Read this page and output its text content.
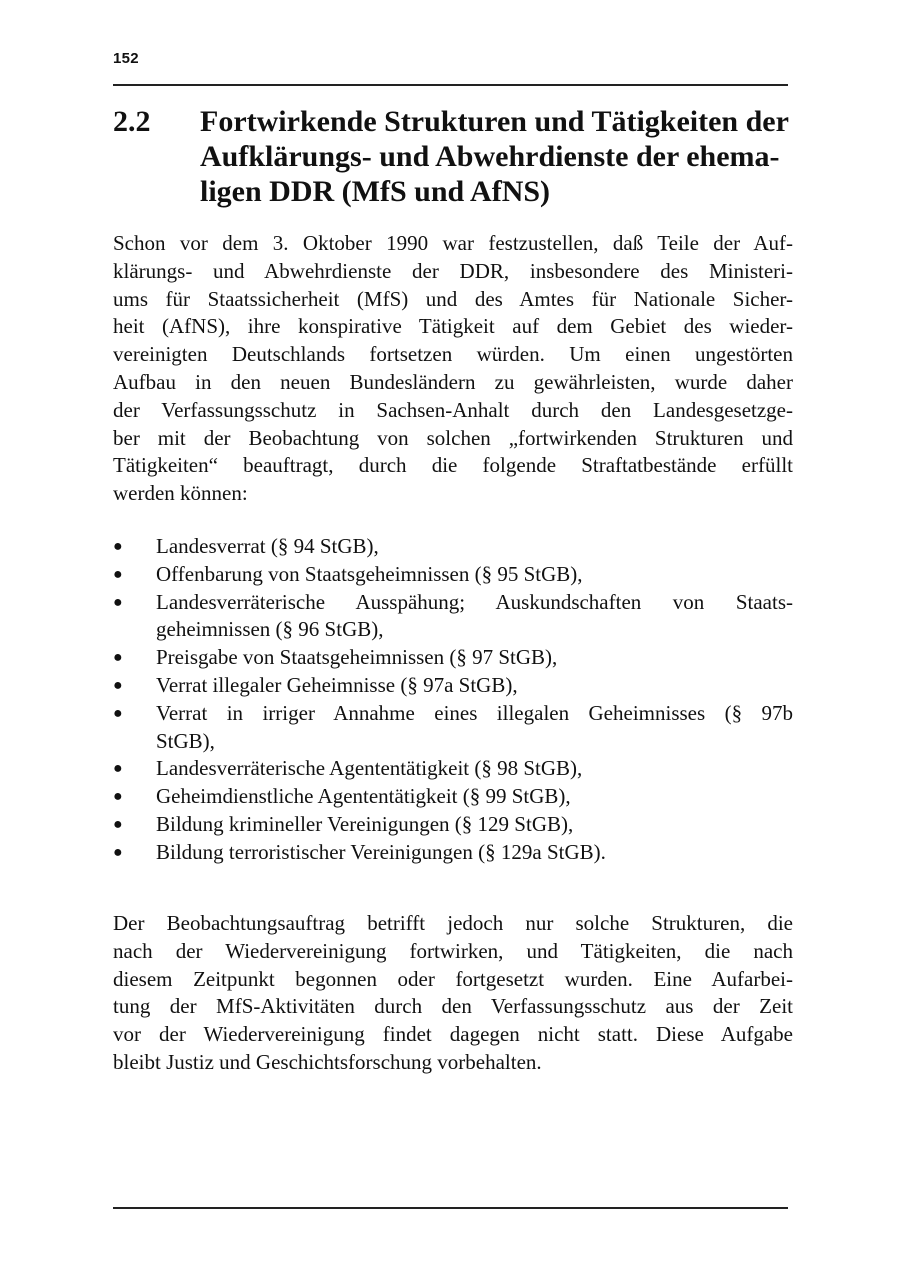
152
2.2 Fortwirkende Strukturen und Tätigkeiten der
Aufklärungs- und Abwehrdienste der ehema-
ligen DDR (MfS und AfNS)
Schon vor dem 3. Oktober 1990 war festzustellen, daß Teile der Auf-
klärungs- und Abwehrdienste der DDR, insbesondere des Ministeri-
ums für Staatssicherheit (MfS) und des Amtes für Nationale Sicher-
heit (AfNS), ihre konspirative Tätigkeit auf dem Gebiet des wieder-
vereinigten Deutschlands fortsetzen würden. Um einen ungestörten
Aufbau in den neuen Bundesländern zu gewährleisten, wurde daher
der Verfassungsschutz in Sachsen-Anhalt durch den Landesgesetzge-
ber mit der Beobachtung von solchen „fortwirkenden Strukturen und
Tätigkeiten“ beauftragt, durch die folgende Straftatbestände erfüllt
werden können:
● Landesverrat (§ 94 StGB),
● Offenbarung von Staatsgeheimnissen (§ 95 StGB),
● Landesverräterische Ausspähung; Auskundschaften von Staats-
geheimnissen (§ 96 StGB),
● Preisgabe von Staatsgeheimnissen (§ 97 StGB),
● Verrat illegaler Geheimnisse (§ 97a StGB),
● Verrat in irriger Annahme eines illegalen Geheimnisses (§ 97b
StGB),
● Landesverräterische Agententätigkeit (§ 98 StGB),
● Geheimdienstliche Agententätigkeit (§ 99 StGB),
● Bildung krimineller Vereinigungen (§ 129 StGB),
● Bildung terroristischer Vereinigungen (§ 129a StGB).
Der Beobachtungsauftrag betrifft jedoch nur solche Strukturen, die
nach der Wiedervereinigung fortwirken, und Tätigkeiten, die nach
diesem Zeitpunkt begonnen oder fortgesetzt wurden. Eine Aufarbei-
tung der MfS-Aktivitäten durch den Verfassungsschutz aus der Zeit
vor der Wiedervereinigung findet dagegen nicht statt. Diese Aufgabe
bleibt Justiz und Geschichtsforschung vorbehalten.
